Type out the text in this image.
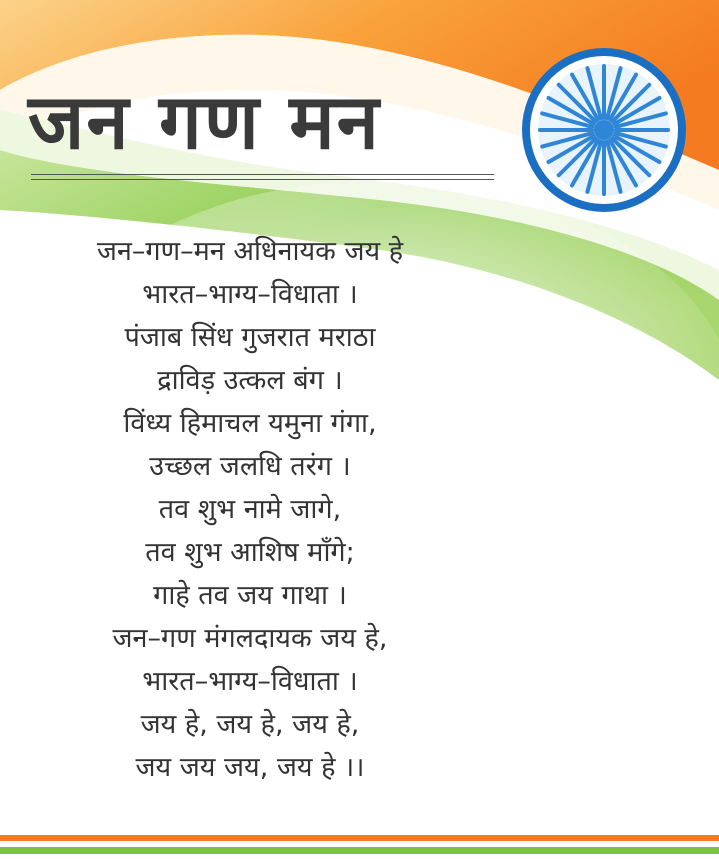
जन गण मन
जन–गण–मन अधिनायक जय हे
भारत–भाग्य–विधाता ।
पंजाब सिंध गुजरात मराठा
द्राविड़ उत्कल बंग ।
विंध्य हिमाचल यमुना गंगा,
उच्छल जलधि तरंग ।
तव शुभ नामे जागे,
तव शुभ आशिष माँगे;
गाहे तव जय गाथा ।
जन–गण मंगलदायक जय हे,
भारत–भाग्य–विधाता ।
जय हे, जय हे, जय हे,
जय जय जय, जय हे ।।
